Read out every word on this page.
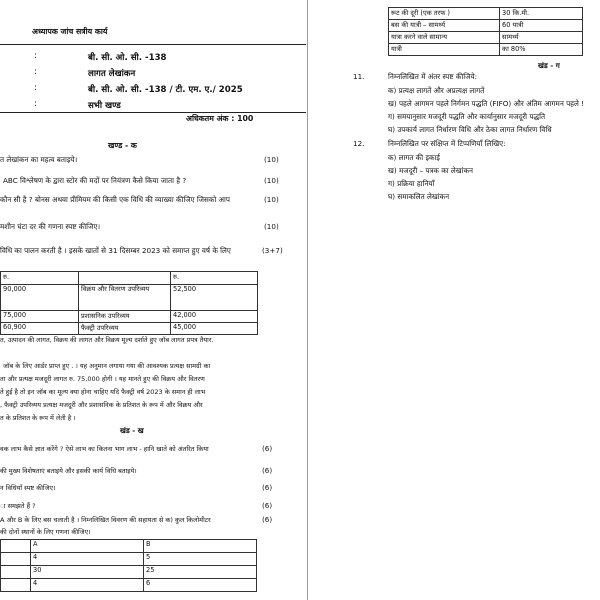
अध्यापक जांच सत्रीय कार्य
:	बी. सी. ओ. सी. -138
:	लागत लेखांकन
:	बी. सी. ओ. सी. -138 / टी. एम. ए./ 2025
:	सभी खण्ड
अधिकतम अंक : 100
खण्ड - क
त लेखांकन का महत्व बताइये।	(10)
ABC विश्लेषण के द्वारा स्टोर की मदों पर नियंत्रण कैसे किया जाता है ?	(10)
कौन सी है ? बोनस अथवा प्रीमियम की किसी एक विधि की व्याख्या कीजिए जिसको आप	(10)
मशीन घंटा दर की गणना स्पष्ट कीजिए।	(10)
विधि का पालन करती है । इसके खातों से 31 दिसम्बर 2023 को समाप्त हुए वर्ष के लिए	(3+7)
रु.		रु.
90,000	विक्रय और वितरण उपरिव्यय	52,500
75,000	प्रशासनिक उपरिव्यय	42,000
60,900	फैक्ट्री उपरिव्यय	45,000
त, उत्पादन की लागत, विक्रय की लागत और विक्रय मूल्य दर्शाते हुए जॉब लागत प्रपत्र तैयार.
जॉब के लिए आर्डर प्राप्त हुए . । यह अनुमान लगाया गया की आवश्यक प्रत्यक्ष सामग्री का
ता और प्रत्यक्ष मजदूरी लागत रु. 75,000 होगी । यह मानते हुए की विक्रय और वितरण
ते हुई है तो इन जॉब का मूल्य क्या होना चाहिए यदि फैक्ट्री वर्ष 2023 के समान ही लाभ
, फैक्ट्री उपरिव्यय प्रत्यक्ष मजदूरी और प्रशासनिक के प्रतिशत के रूप में और विक्रय और
त के प्रतिशत के रूप में लेती है ।
खंड - ख
वक लाभ कैसे ज्ञात करेंगे ? ऐसे लाभ का कितना भाग लाभ - हानि खाते को अंतरित किया	(6)
की मुख्य विशेषताएं बताइये और इसकी कार्य विधि बताइये।	(6)
न विधियाँ स्पष्ट कीजिए।	(6)
ा समझते हैं ?	(6)
A और B के लिए बस चलाती है । निम्नलिखित विवरण की सहायता से क) कुल किलोमीटर	(6)
की दोनों स्थानों के लिए गणना कीजिए।
	A	B
	4	5
	30	25
	4	6
रूट की दूरी (एक तरफ )	30 कि.मी.
बस की यात्री – सामर्थ्य	60 यात्री
यात्रा करने वाले सामान्य	सामर्थ्य
यात्री	का 80%
खंड - ग
11.	निम्नलिखित में अंतर स्पष्ट कीजिये:
क) प्रत्यक्ष लागतें और अप्रत्यक्ष लागतें
ख) पहले आगमन पहले निर्गमन पद्धति (FIFO) और अंतिम आगमन पहले !
ग) समयानुसार मजदूरी पद्धति और कार्यानुसार मजदूरी पद्धति
घ) उपकार्य लागत निर्धारण विधि और ठेका लागत निर्धारण विधि
12.	निम्नलिखित पर संक्षिप्त में टिप्पणियाँ लिखिए:
क) लागत की इकाई
ख) मजदूरी – पत्रक का लेखांकन
ग) प्रक्रिया हानियाँ
घ) समाकलित लेखांकन
